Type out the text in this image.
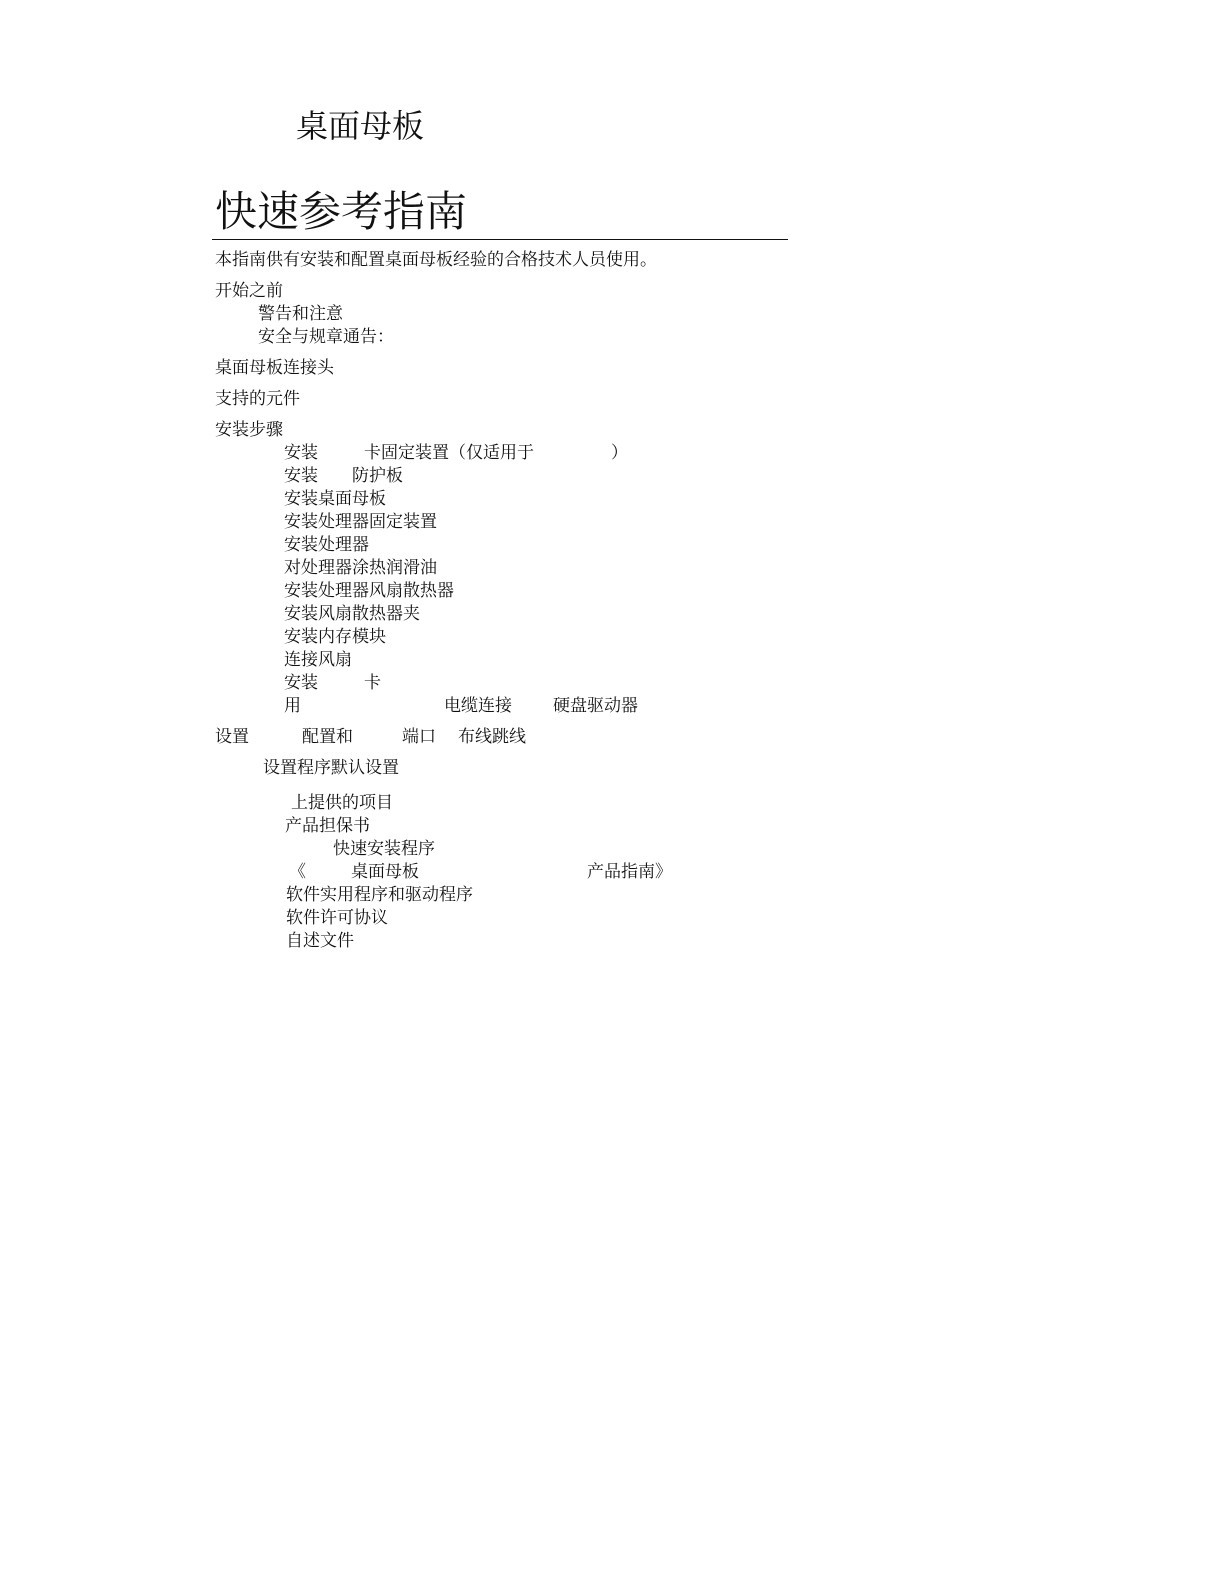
桌面母板
快速参考指南
本指南供有安装和配置桌面母板经验的合格技术人员使用。
开始之前
警告和注意
安全与规章通告：
桌面母板连接头
支持的元件
安装步骤
安装	卡固定装置（仅适用于	）
安装 防护板
安装桌面母板
安装处理器固定装置
安装处理器
对处理器涂热润滑油
安装处理器风扇散热器
安装风扇散热器夹
安装内存模块
连接风扇
安装	卡
用	电缆连接 硬盘驱动器
设置	配置和	端口 布线跳线
设置程序默认设置
上提供的项目
产品担保书
快速安装程序
《	桌面母板	产品指南》
软件实用程序和驱动程序
软件许可协议
自述文件
